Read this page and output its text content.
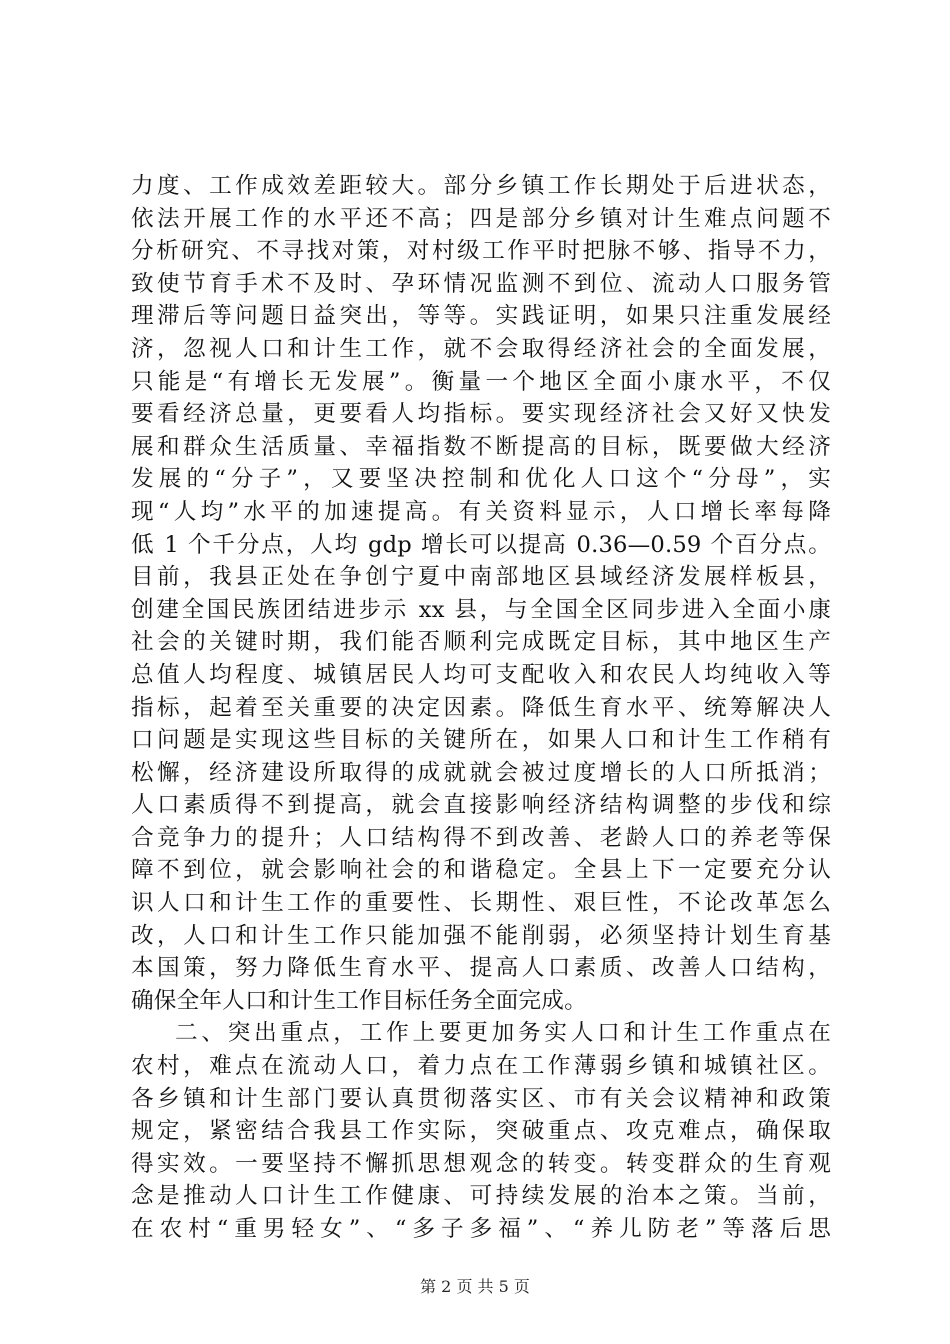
力度、工作成效差距较大。部分乡镇工作长期处于后进状态，
依法开展工作的水平还不高；四是部分乡镇对计生难点问题不
分析研究、不寻找对策，对村级工作平时把脉不够、指导不力，
致使节育手术不及时、孕环情况监测不到位、流动人口服务管
理滞后等问题日益突出，等等。实践证明，如果只注重发展经
济，忽视人口和计生工作，就不会取得经济社会的全面发展，
只能是“有增长无发展”。衡量一个地区全面小康水平，不仅
要看经济总量，更要看人均指标。要实现经济社会又好又快发
展和群众生活质量、幸福指数不断提高的目标，既要做大经济
发展的“分子”，又要坚决控制和优化人口这个“分母”，实
现“人均”水平的加速提高。有关资料显示，人口增长率每降
低 1 个千分点，人均 gdp 增长可以提高 0.36—0.59 个百分点。
目前，我县正处在争创宁夏中南部地区县域经济发展样板县，
创建全国民族团结进步示 xx 县，与全国全区同步进入全面小康
社会的关键时期，我们能否顺利完成既定目标，其中地区生产
总值人均程度、城镇居民人均可支配收入和农民人均纯收入等
指标，起着至关重要的决定因素。降低生育水平、统筹解决人
口问题是实现这些目标的关键所在，如果人口和计生工作稍有
松懈，经济建设所取得的成就就会被过度增长的人口所抵消；
人口素质得不到提高，就会直接影响经济结构调整的步伐和综
合竞争力的提升；人口结构得不到改善、老龄人口的养老等保
障不到位，就会影响社会的和谐稳定。全县上下一定要充分认
识人口和计生工作的重要性、长期性、艰巨性，不论改革怎么
改，人口和计生工作只能加强不能削弱，必须坚持计划生育基
本国策，努力降低生育水平、提高人口素质、改善人口结构，
确保全年人口和计生工作目标任务全面完成。
二、突出重点，工作上要更加务实人口和计生工作重点在
农村，难点在流动人口，着力点在工作薄弱乡镇和城镇社区。
各乡镇和计生部门要认真贯彻落实区、市有关会议精神和政策
规定，紧密结合我县工作实际，突破重点、攻克难点，确保取
得实效。一要坚持不懈抓思想观念的转变。转变群众的生育观
念是推动人口计生工作健康、可持续发展的治本之策。当前，
在农村“重男轻女”、“多子多福”、“养儿防老”等落后思
第 2 页 共 5 页
